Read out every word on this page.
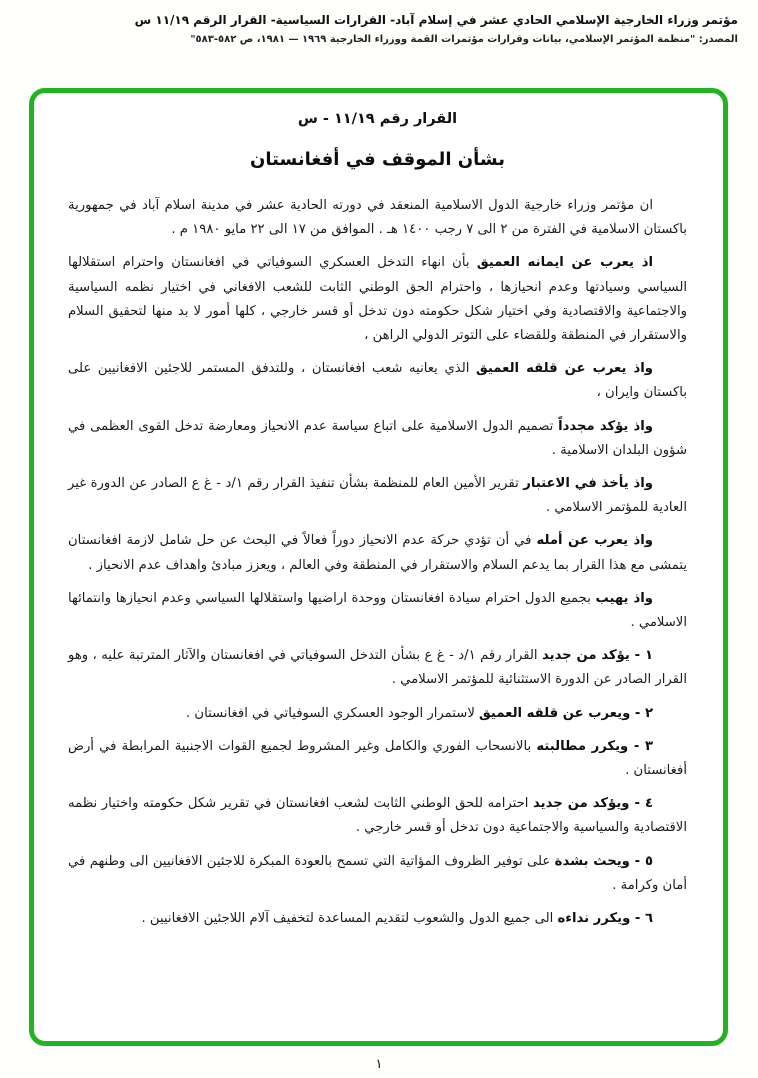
مؤتمر وزراء الخارجية الإسلامي الحادي عشر في إسلام آباد- القرارات السياسية- القرار الرقم ١١/١٩ س
المصدر: "منظمة المؤتمر الإسلامي، بيانات وقرارات مؤتمرات القمة ووزراء الخارجية ١٩٦٩ — ١٩٨١، ص ٥٨٢-٥٨٣"
القرار رقم ١١/١٩ - س
بشأن الموقف في أفغانستان

ان مؤتمر وزراء خارجية الدول الاسلامية المنعقد في دورته الحادية عشر في مدينة اسلام آباد في جمهورية باكستان الاسلامية في الفترة من ٢ الى ٧ رجب ١٤٠٠ هـ . الموافق من ١٧ الى ٢٢ مايو ١٩٨٠ م .

اذ يعرب عن ايمانه العميق بأن انهاء التدخل العسكري السوفياتي في افغانستان واحترام استقلالها السياسي وسيادتها وعدم انحيازها ، واحترام الحق الوطني الثابت للشعب الافغاني في اختيار نظمه السياسية والاجتماعية والاقتصادية وفي اختيار شكل حكومته دون تدخل أو قسر خارجي ، كلها أمور لا بد منها لتحقيق السلام والاستقرار في المنطقة وللقضاء على التوتر الدولي الراهن ،

واذ يعرب عن قلقه العميق الذي يعانيه شعب افغانستان ، وللتدفق المستمر للاجئين الافغانيين على باكستان وايران ،

واذ يؤكد مجدداً تصميم الدول الاسلامية على اتباع سياسة عدم الانحياز ومعارضة تدخل القوى العظمى في شؤون البلدان الاسلامية .

واذ يأخذ في الاعتبار تقرير الأمين العام للمنظمة بشأن تنفيذ القرار رقم ١/د - غ ع الصادر عن الدورة غير العادية للمؤتمر الاسلامي .

واذ يعرب عن أمله في أن تؤدي حركة عدم الانحياز دوراً فعالاً في البحث عن حل شامل لازمة افغانستان يتمشى مع هذا القرار بما يدعم السلام والاستقرار في المنطقة وفي العالم ، ويعزز مبادئ واهداف عدم الانحياز .

واذ يهيب بجميع الدول احترام سيادة افغانستان ووحدة اراضيها واستقلالها السياسي وعدم انحيازها وانتمائها الاسلامي .

١ - يؤكد من جديد القرار رقم ١/د - غ ع بشأن التدخل السوفياتي في افغانستان والآثار المترتبة عليه ، وهو القرار الصادر عن الدورة الاستثنائية للمؤتمر الاسلامي .

٢ - ويعرب عن قلقه العميق لاستمرار الوجود العسكري السوفياتي في افغانستان .

٣ - ويكرر مطالبته بالانسحاب الفوري والكامل وغير المشروط لجميع القوات الاجنبية المرابطة في أرض أفغانستان .

٤ - ويؤكد من جديد احترامه للحق الوطني الثابت لشعب افغانستان في تقرير شكل حكومته واختيار نظمه الاقتصادية والسياسية والاجتماعية دون تدخل أو قسر خارجي .

٥ - ويحث بشدة على توفير الظروف المؤاتية التي تسمح بالعودة المبكرة للاجئين الافغانيين الى وطنهم في أمان وكرامة .

٦ - ويكرر نداءه الى جميع الدول والشعوب لتقديم المساعدة لتخفيف آلام اللاجئين الافغانيين .

١
